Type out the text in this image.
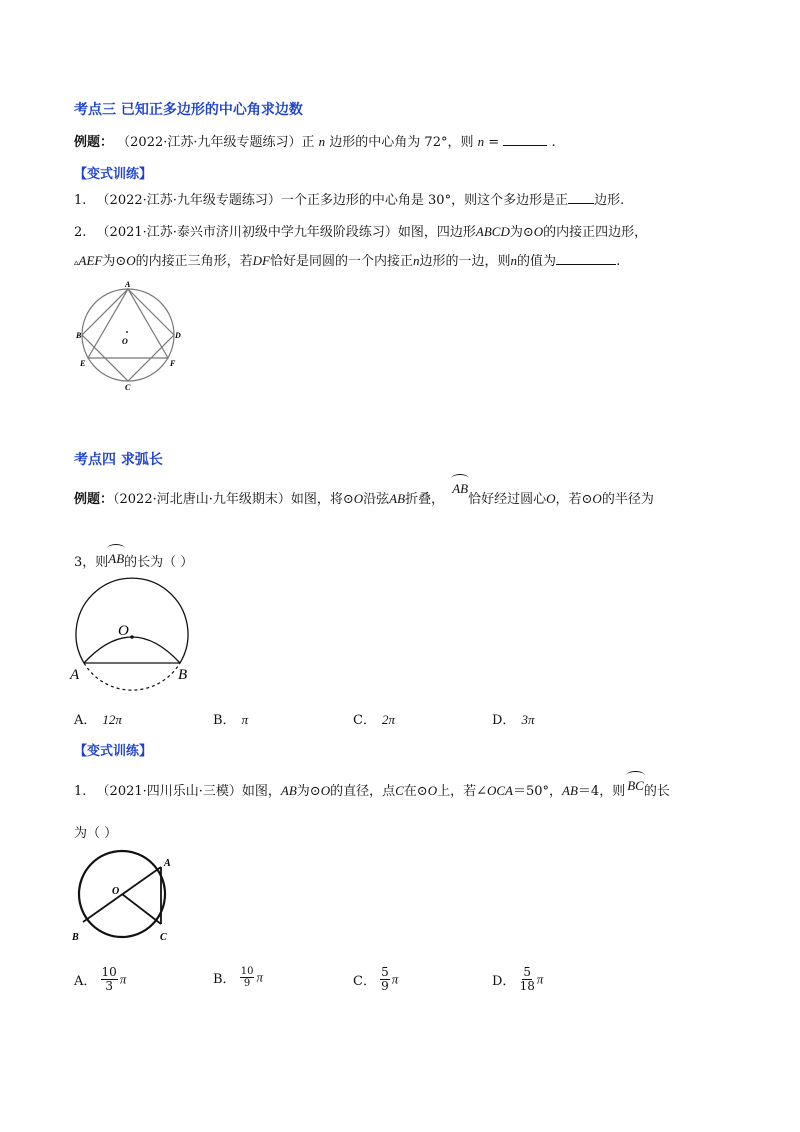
考点三 已知正多边形的中心角求边数
例题： （2022·江苏·九年级专题练习）正 n 边形的中心角为 72°，则 n =	.
【变式训练】
1. （2022·江苏·九年级专题练习）一个正多边形的中心角是 30°，则这个多边形是正 边形.
2. （2021·江苏·泰兴市济川初级中学九年级阶段练习）如图，四边形ABCD为⊙O的内接正四边形，
▵AEF为⊙O的内接正三角形，若DF恰好是同圆的一个内接正n边形的一边，则n的值为	.
A
B
C
D
E	F
O
考点四 求弧长
例题：（2022·河北唐山·九年级期末）如图，将⊙O沿弦AB折叠，
AB恰好经过圆心O，若⊙O的半径为
3，则
AB的长为（ ）
O
A	B
A． 12π	B． π	C． 2π	D． 3π
【变式训练】
1. （2021·四川乐山·三模）如图，AB为⊙O的直径，点C在⊙O上，若∠OCA＝50°，AB＝4，则 BC的长
为（ ）
A
B	C
O
A． $\frac{10}{3}$ π	B． $\frac{10}{9}$ π	C． $\frac{5}{9}$ π	D． $\frac{5}{18}$ π
